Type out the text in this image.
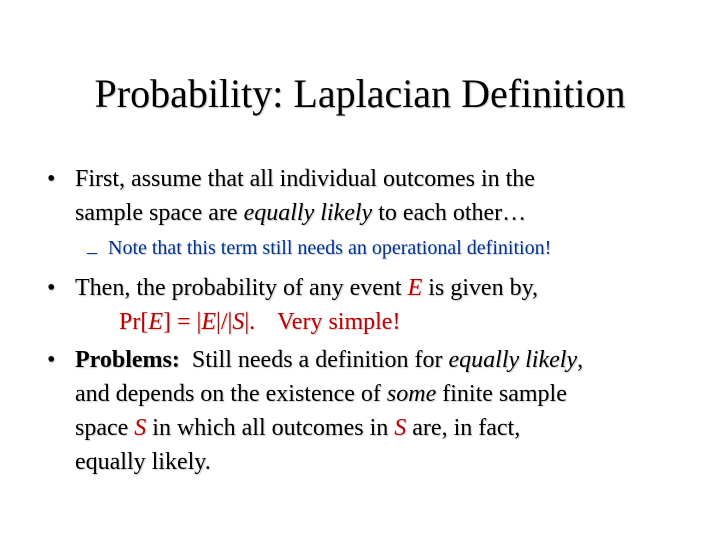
Probability: Laplacian Definition
• First, assume that all individual outcomes in the
sample space are equally likely to each other…
– Note that this term still needs an operational definition!
• Then, the probability of any event E is given by,
Pr[E] = |E|/|S|. Very simple!
• Problems:  Still needs a definition for equally likely,
and depends on the existence of some finite sample
space S in which all outcomes in S are, in fact,
equally likely.
